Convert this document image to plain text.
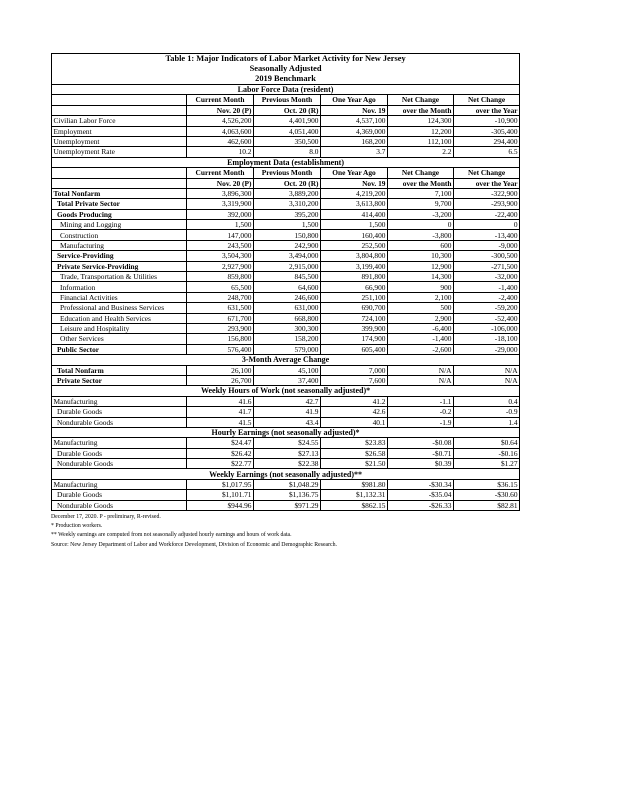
Table 1: Major Indicators of Labor Market Activity for New Jersey					
Seasonally Adjusted					
2019 Benchmark					
Labor Force Data (resident)					
	Current Month	Previous Month	One Year Ago	Net Change	Net Change
	Nov. 20 (P)	Oct. 20 (R)	Nov. 19	over the Month	over the Year
Civilian Labor Force	4,526,200	4,401,900	4,537,100	124,300	-10,900
Employment	4,063,600	4,051,400	4,369,000	12,200	-305,400
Unemployment	462,600	350,500	168,200	112,100	294,400
Unemployment Rate	10.2	8.0	3.7	2.2	6.5
Employment Data (establishment)					
	Current Month	Previous Month	One Year Ago	Net Change	Net Change
	Nov. 20 (P)	Oct. 20 (R)	Nov. 19	over the Month	over the Year
Total Nonfarm	3,896,300	3,889,200	4,219,200	7,100	-322,900
Total Private Sector	3,319,900	3,310,200	3,613,800	9,700	-293,900
Goods Producing	392,000	395,200	414,400	-3,200	-22,400
Mining and Logging	1,500	1,500	1,500	0	0
Construction	147,000	150,800	160,400	-3,800	-13,400
Manufacturing	243,500	242,900	252,500	600	-9,000
Service-Providing	3,504,300	3,494,000	3,804,800	10,300	-300,500
Private Service-Providing	2,927,900	2,915,000	3,199,400	12,900	-271,500
Trade, Transportation & Utilities	859,800	845,500	891,800	14,300	-32,000
Information	65,500	64,600	66,900	900	-1,400
Financial Activities	248,700	246,600	251,100	2,100	-2,400
Professional and Business Services	631,500	631,000	690,700	500	-59,200
Education and Health Services	671,700	668,800	724,100	2,900	-52,400
Leisure and Hospitality	293,900	300,300	399,900	-6,400	-106,000
Other Services	156,800	158,200	174,900	-1,400	-18,100
Public Sector	576,400	579,000	605,400	-2,600	-29,000
3-Month Average Change					
Total Nonfarm	26,100	45,100	7,000	N/A	N/A
Private Sector	26,700	37,400	7,600	N/A	N/A
Weekly Hours of Work (not seasonally adjusted)*					
Manufacturing	41.6	42.7	41.2	-1.1	0.4
Durable Goods	41.7	41.9	42.6	-0.2	-0.9
Nondurable Goods	41.5	43.4	40.1	-1.9	1.4
Hourly Earnings (not seasonally adjusted)*					
Manufacturing	$24.47	$24.55	$23.83	-$0.08	$0.64
Durable Goods	$26.42	$27.13	$26.58	-$0.71	-$0.16
Nondurable Goods	$22.77	$22.38	$21.50	$0.39	$1.27
Weekly Earnings (not seasonally adjusted)**					
Manufacturing	$1,017.95	$1,048.29	$981.80	-$30.34	$36.15
Durable Goods	$1,101.71	$1,136.75	$1,132.31	-$35.04	-$30.60
Nondurable Goods	$944.96	$971.29	$862.15	-$26.33	$82.81
December 17, 2020. P - preliminary, R-revised.
* Production workers.
** Weekly earnings are computed from not seasonally adjusted hourly earnings and hours of work data.
Source: New Jersey Department of Labor and Workforce Development, Division of Economic and Demographic Research.
